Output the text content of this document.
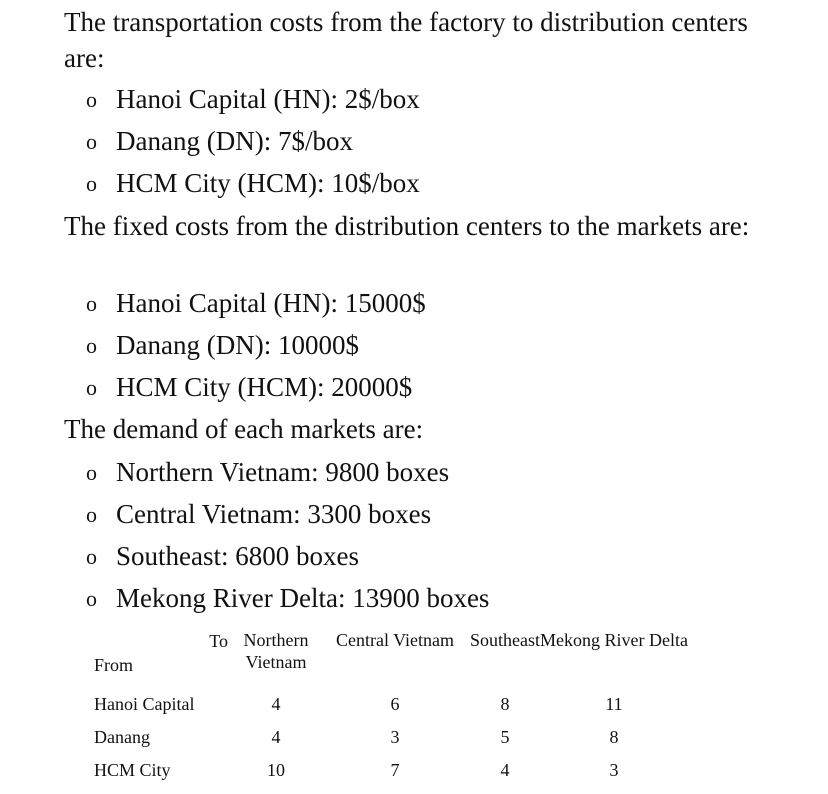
The transportation costs from the factory to distribution centers are:

o Hanoi Capital (HN): 2$/box
o Danang (DN): 7$/box
o HCM City (HCM): 10$/box

The fixed costs from the distribution centers to the markets are:

o Hanoi Capital (HN): 15000$
o Danang (DN): 10000$
o HCM City (HCM): 20000$

The demand of each markets are:

o Northern Vietnam: 9800 boxes
o Central Vietnam: 3300 boxes
o Southeast: 6800 boxes
o Mekong River Delta: 13900 boxes
To
From	Northern Vietnam	Central Vietnam	Southeast	Mekong River Delta
Hanoi Capital	4	6	8	11
Danang	4	3	5	8
HCM City	10	7	4	3
